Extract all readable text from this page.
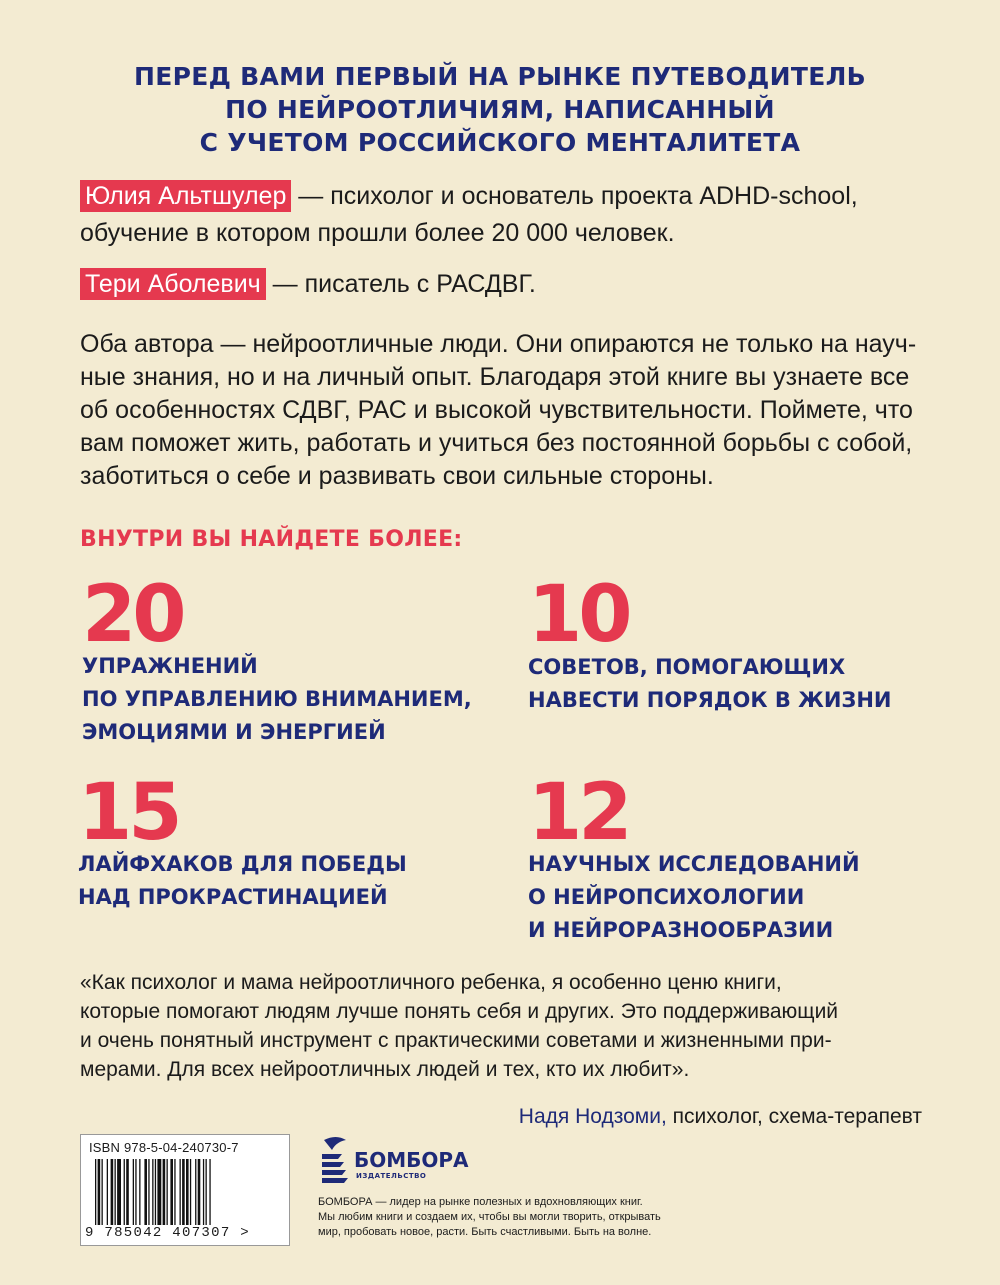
ПЕРЕД ВАМИ ПЕРВЫЙ НА РЫНКЕ ПУТЕВОДИТЕЛЬ
ПО НЕЙРООТЛИЧИЯМ, НАПИСАННЫЙ
С УЧЕТОМ РОССИЙСКОГО МЕНТАЛИТЕТА
Юлия Альтшулер — психолог и основатель проекта ADHD-school,
обучение в котором прошли более 20 000 человек.
Тери Аболевич — писатель с РАСДВГ.
Оба автора — нейроотличные люди. Они опираются не только на науч-
ные знания, но и на личный опыт. Благодаря этой книге вы узнаете все
об особенностях СДВГ, РАС и высокой чувствительности. Поймете, что
вам поможет жить, работать и учиться без постоянной борьбы с собой,
заботиться о себе и развивать свои сильные стороны.
ВНУТРИ ВЫ НАЙДЕТЕ БОЛЕЕ:
20
УПРАЖНЕНИЙ
ПО УПРАВЛЕНИЮ ВНИМАНИЕМ,
ЭМОЦИЯМИ И ЭНЕРГИЕЙ
10
СОВЕТОВ, ПОМОГАЮЩИХ
НАВЕСТИ ПОРЯДОК В ЖИЗНИ
15
ЛАЙФХАКОВ ДЛЯ ПОБЕДЫ
НАД ПРОКРАСТИНАЦИЕЙ
12
НАУЧНЫХ ИССЛЕДОВАНИЙ
О НЕЙРОПСИХОЛОГИИ
И НЕЙРОРАЗНООБРАЗИИ
«Как психолог и мама нейроотличного ребенка, я особенно ценю книги,
которые помогают людям лучше понять себя и других. Это поддерживающий
и очень понятный инструмент с практическими советами и жизненными при-
мерами. Для всех нейроотличных людей и тех, кто их любит».
Надя Нодзоми, психолог, схема-терапевт
ISBN 978-5-04-240730-7
9 785042 407307 >
БОМБОРА
ИЗДАТЕЛЬСТВО
БОМБОРА — лидер на рынке полезных и вдохновляющих книг.
Мы любим книги и создаем их, чтобы вы могли творить, открывать
мир, пробовать новое, расти. Быть счастливыми. Быть на волне.
